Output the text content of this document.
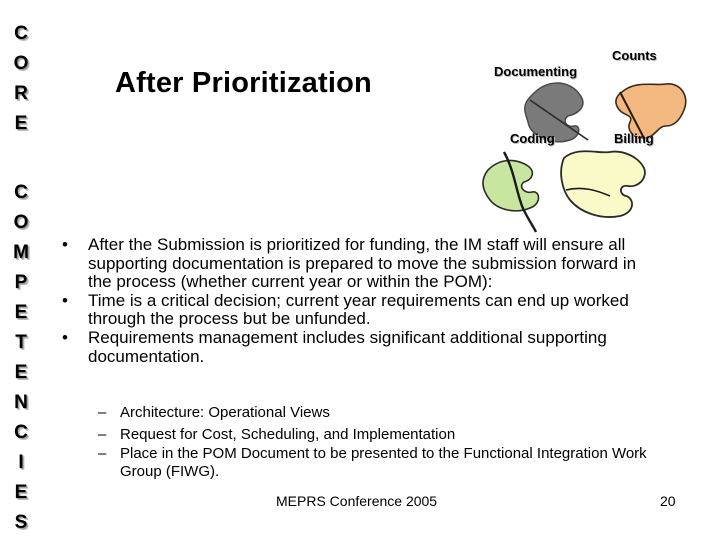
C
O
R
E
C
O
M
P
E
T
E
N
C
I
E
S
After Prioritization
Counts
Documenting
Coding	Billing
• After the Submission is prioritized for funding, the IM staff will ensure all supporting documentation is prepared to move the submission forward in the process (whether current year or within the POM):
• Time is a critical decision; current year requirements can end up worked through the process but be unfunded.
• Requirements management includes significant additional supporting documentation.
– Architecture: Operational Views
– Request for Cost, Scheduling, and Implementation
– Place in the POM Document to be presented to the Functional Integration Work Group (FIWG).
MEPRS Conference 2005	20
